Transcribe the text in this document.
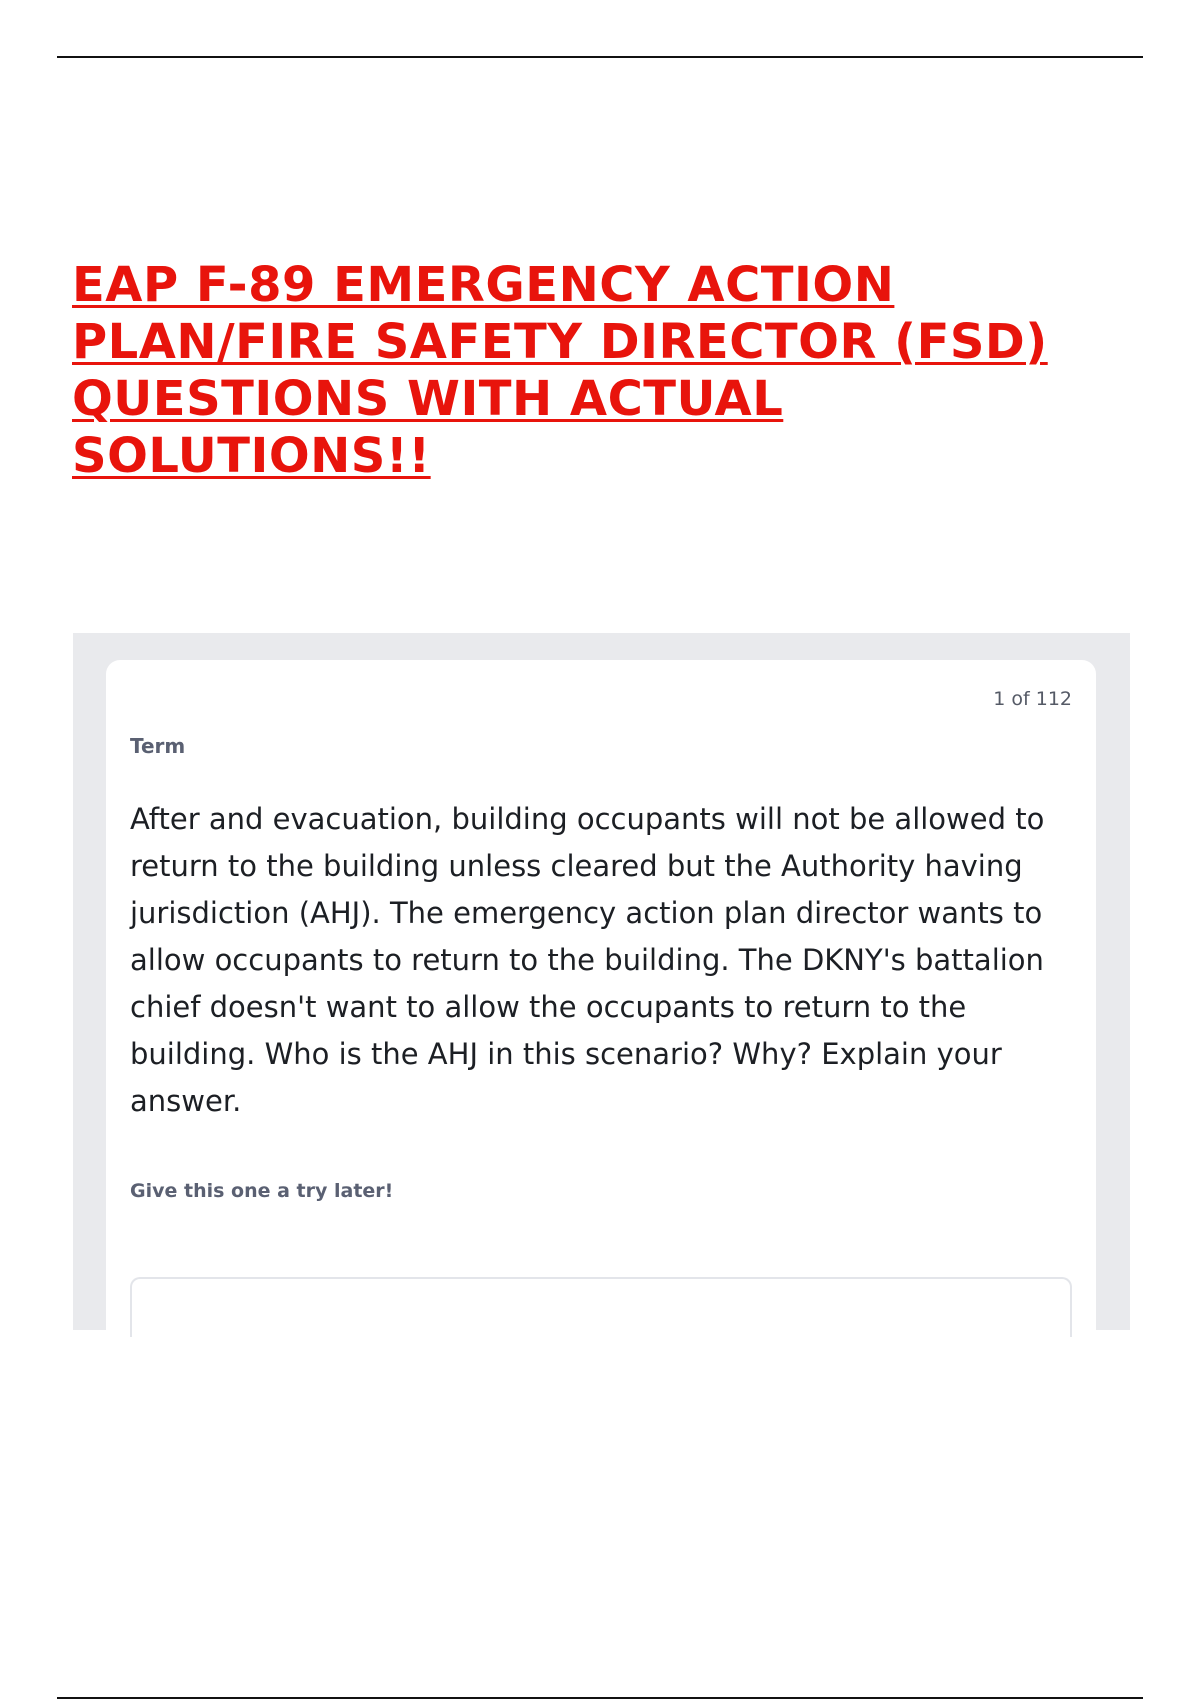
EAP F-89 EMERGENCY ACTION PLAN/FIRE SAFETY DIRECTOR (FSD) QUESTIONS WITH ACTUAL SOLUTIONS!!

1 of 112
Term

After and evacuation, building occupants will not be allowed to return to the building unless cleared but the Authority having jurisdiction (AHJ). The emergency action plan director wants to allow occupants to return to the building. The DKNY's battalion chief doesn't want to allow the occupants to return to the building. Who is the AHJ in this scenario? Why? Explain your answer.

Give this one a try later!
